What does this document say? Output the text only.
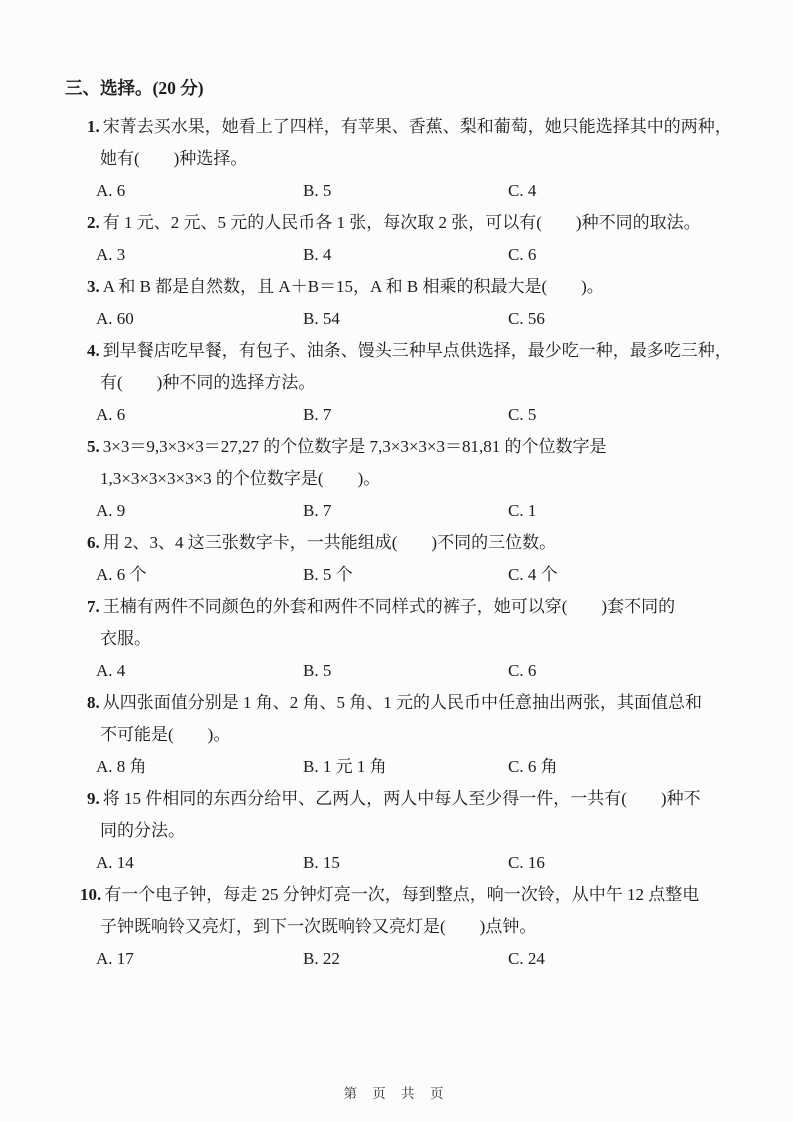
三、选择。(20 分)

1. 宋菁去买水果，她看上了四样，有苹果、香蕉、梨和葡萄，她只能选择其中的两种，

她有(　　)种选择。

A. 6	B. 5	C. 4

2. 有 1 元、2 元、5 元的人民币各 1 张，每次取 2 张，可以有(　　)种不同的取法。

A. 3	B. 4	C. 6

3. A 和 B 都是自然数，且 A＋B＝15，A 和 B 相乘的积最大是(　　)。

A. 60	B. 54	C. 56

4. 到早餐店吃早餐，有包子、油条、馒头三种早点供选择，最少吃一种，最多吃三种，

有(　　)种不同的选择方法。

A. 6	B. 7	C. 5

5. 3×3＝9,3×3×3＝27,27 的个位数字是 7,3×3×3×3＝81,81 的个位数字是

1,3×3×3×3×3×3 的个位数字是(　　)。

A. 9	B. 7	C. 1

6. 用 2、3、4 这三张数字卡，一共能组成(　　)不同的三位数。

A. 6 个	B. 5 个	C. 4 个

7. 王楠有两件不同颜色的外套和两件不同样式的裤子，她可以穿(　　)套不同的

衣服。

A. 4	B. 5	C. 6

8. 从四张面值分别是 1 角、2 角、5 角、1 元的人民币中任意抽出两张，其面值总和

不可能是(　　)。

A. 8 角	B. 1 元 1 角	C. 6 角

9. 将 15 件相同的东西分给甲、乙两人，两人中每人至少得一件，一共有(　　)种不

同的分法。

A. 14	B. 15	C. 16

10. 有一个电子钟，每走 25 分钟灯亮一次，每到整点，响一次铃，从中午 12 点整电

子钟既响铃又亮灯，到下一次既响铃又亮灯是(　　)点钟。

A. 17	B. 22	C. 24
第 页 共 页
